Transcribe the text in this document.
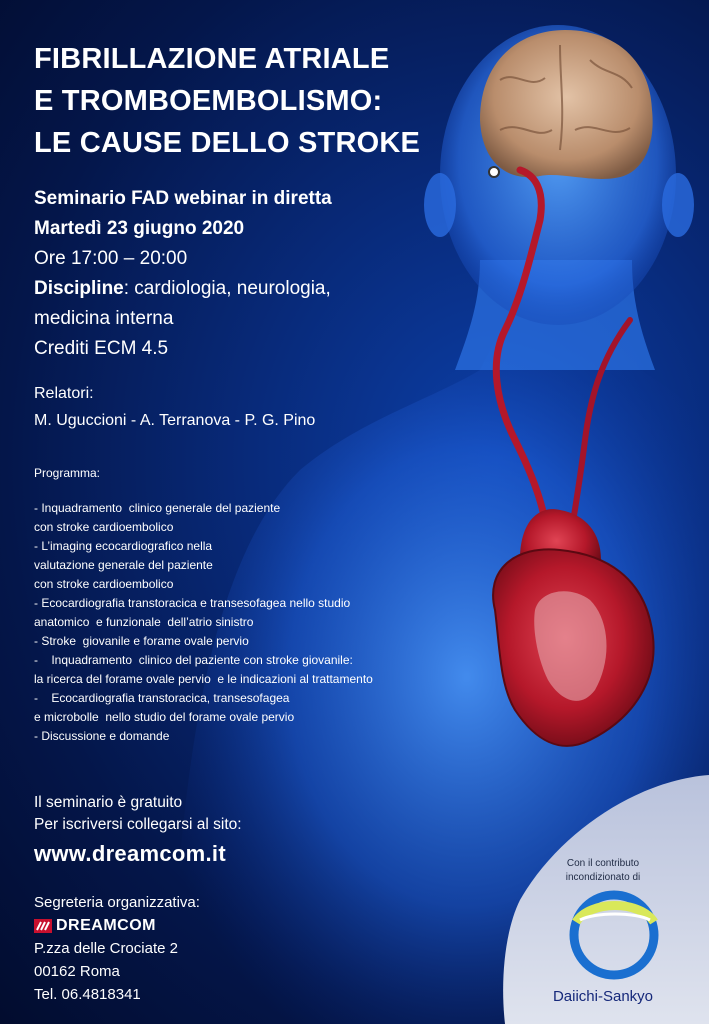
FIBRILLAZIONE ATRIALE
E TROMBOEMBOLISMO:
LE CAUSE DELLO STROKE
Seminario FAD webinar in diretta
Martedì 23 giugno 2020
Ore 17:00 – 20:00
Discipline: cardiologia, neurologia,
medicina interna
Crediti ECM 4.5
Relatori:
M. Uguccioni - A. Terranova - P. G. Pino
Programma:
- Inquadramento  clinico generale del paziente
con stroke cardioembolico
- L’imaging ecocardiografico nella
valutazione generale del paziente
con stroke cardioembolico
- Ecocardiografia transtoracica e transesofagea nello studio
anatomico  e funzionale  dell’atrio sinistro
- Stroke  giovanile e forame ovale pervio
-    Inquadramento  clinico del paziente con stroke giovanile:
la ricerca del forame ovale pervio  e le indicazioni al trattamento
-    Ecocardiografia transtoracica, transesofagea
e microbolle  nello studio del forame ovale pervio
- Discussione e domande
Il seminario è gratuito
Per iscriversi collegarsi al sito:
www.dreamcom.it
Segreteria organizzativa:
DREAMCOM
P.zza delle Crociate 2
00162 Roma
Tel. 06.4818341
Con il contributo
incondizionato di
Daiichi-Sankyo
